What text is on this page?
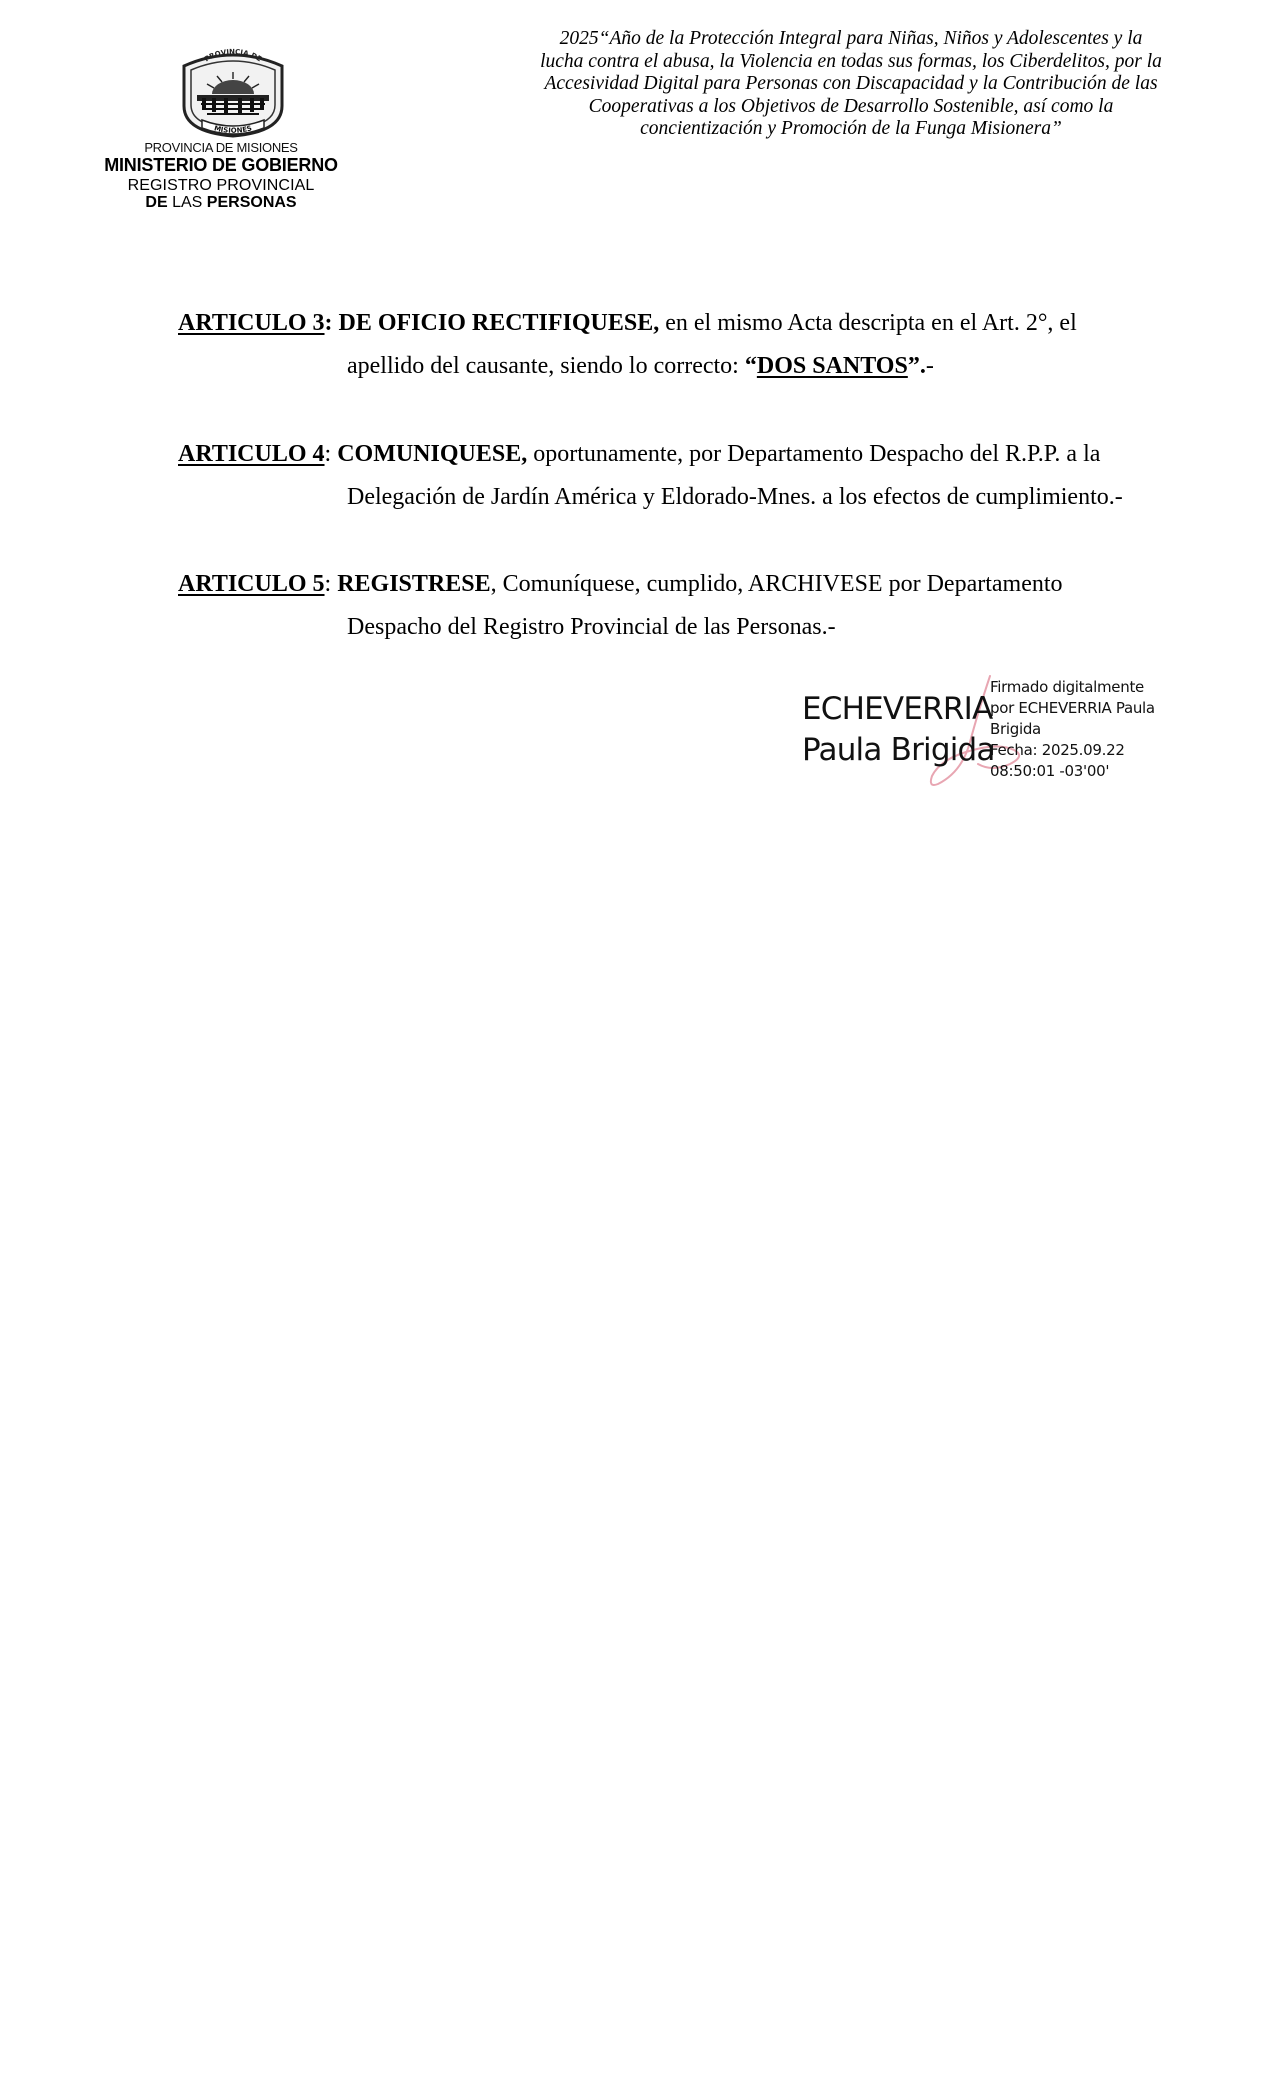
PROVINCIA DE
MISIONES
PROVINCIA DE MISIONES
MINISTERIO DE GOBIERNO
REGISTRO PROVINCIAL
DE LAS PERSONAS
2025“Año de la Protección Integral para Niñas, Niños y Adolescentes y la
lucha contra el abusa, la Violencia en todas sus formas, los Ciberdelitos, por la
Accesividad Digital para Personas con Discapacidad y la Contribución de las
Cooperativas a los Objetivos de Desarrollo Sostenible, así como la
concientización y Promoción de la Funga Misionera”
ARTICULO 3: DE OFICIO RECTIFIQUESE, en el mismo Acta descripta en el Art. 2°, el
apellido del causante, siendo lo correcto: “DOS SANTOS”.-
ARTICULO 4: COMUNIQUESE, oportunamente, por Departamento Despacho del R.P.P. a la
Delegación de Jardín América y Eldorado-Mnes. a los efectos de cumplimiento.-
ARTICULO 5: REGISTRESE, Comuníquese, cumplido, ARCHIVESE por Departamento
Despacho del Registro Provincial de las Personas.-
ECHEVERRIA
Paula Brigida
Firmado digitalmente
por ECHEVERRIA Paula
Brigida
Fecha: 2025.09.22
08:50:01 -03'00'
